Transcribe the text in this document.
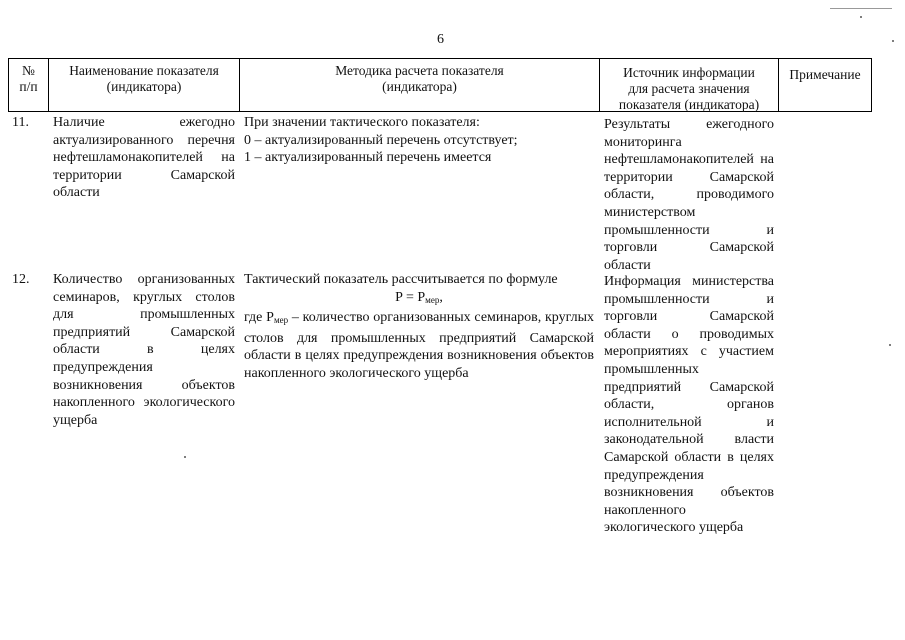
6
№
п/п
Наименование показателя
(индикатора)
Методика расчета показателя
(индикатора)
Источник информации
для расчета значения
показателя (индикатора)
Примечание
11.	Наличие ежегодно актуализированного перечня нефтешламонакопителей на территории Самарской области
При значении тактического показателя:
0 – актуализированный перечень отсутствует;
1 – актуализированный перечень имеется
Результаты ежегодного мониторинга нефтешламонакопителей на территории Самарской области, проводимого министерством промышленности и торговли Самарской области
12.	Количество организованных семинаров, круглых столов для промышленных предприятий Самарской области в целях предупреждения возникновения объектов накопленного экологического ущерба
Тактический показатель рассчитывается по формуле
$P = P_{мер}$,
где $P_{мер}$ – количество организованных семинаров, круглых столов для промышленных предприятий Самарской области в целях предупреждения возникновения объектов накопленного экологического ущерба
Информация министерства промышленности и торговли Самарской области о проводимых мероприятиях с участием промышленных предприятий Самарской области, органов исполнительной и законодательной власти Самарской области в целях предупреждения возникновения объектов накопленного экологического ущерба
